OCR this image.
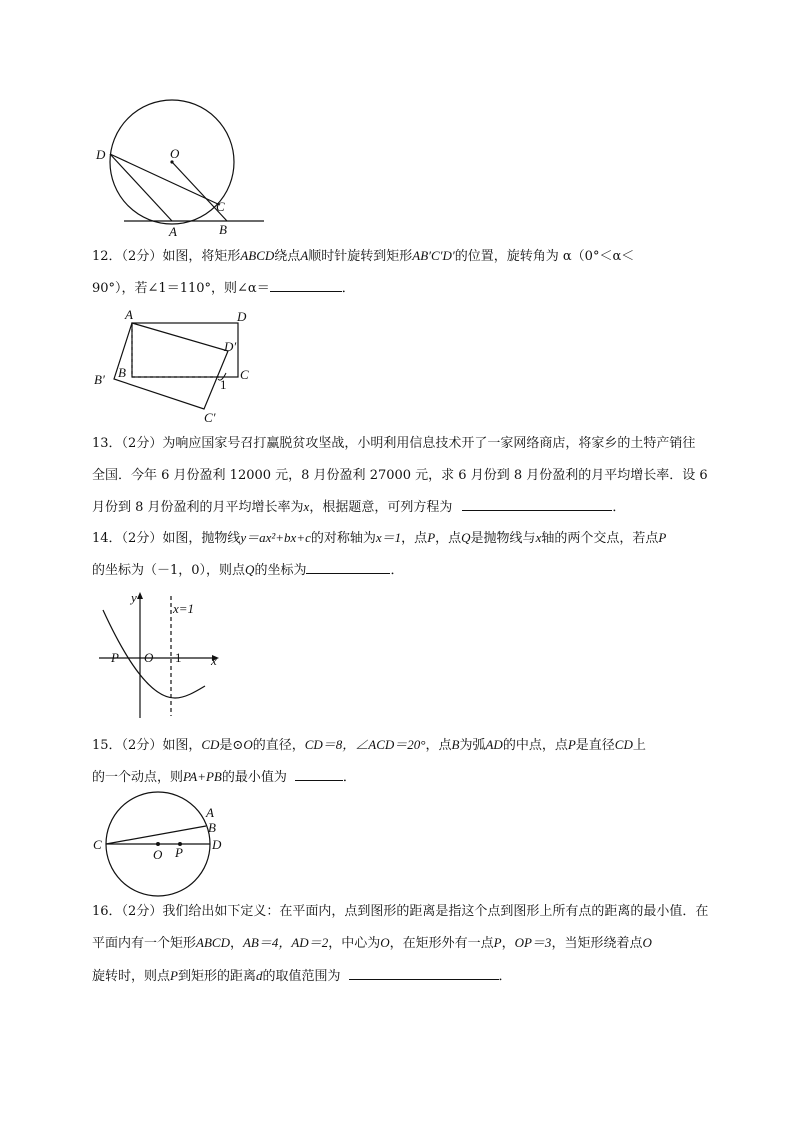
D	O
C
A	B
12．（2分）如图，将矩形ABCD绕点A顺时针旋转到矩形AB′C′D′的位置，旋转角为 α（0°＜α＜
90°），若∠1＝110°，则∠α＝	．
A	D
D′
B
B′	C
C′
1
13．（2分）为响应国家号召打赢脱贫攻坚战，小明利用信息技术开了一家网络商店，将家乡的土特产销往
全国．今年 6 月份盈利 12000 元，8 月份盈利 27000 元，求 6 月份到 8 月份盈利的月平均增长率．设 6
月份到 8 月份盈利的月平均增长率为x，根据题意，可列方程为	．
14．（2分）如图，抛物线y＝ax²+bx+c的对称轴为x＝1，点P，点Q是抛物线与x轴的两个交点，若点P
的坐标为（－1，0），则点Q的坐标为	．
y
x=1
P O 1 x
15．（2分）如图，CD是⊙O的直径，CD＝8，∠ACD＝20°，点B为弧AD的中点，点P是直径CD上
的一个动点，则PA+PB的最小值为	．
A
B
C	D
O P
16．（2分）我们给出如下定义：在平面内，点到图形的距离是指这个点到图形上所有点的距离的最小值．在
平面内有一个矩形ABCD，AB＝4，AD＝2，中心为O，在矩形外有一点P，OP＝3，当矩形绕着点O
旋转时，则点P到矩形的距离d的取值范围为	．
